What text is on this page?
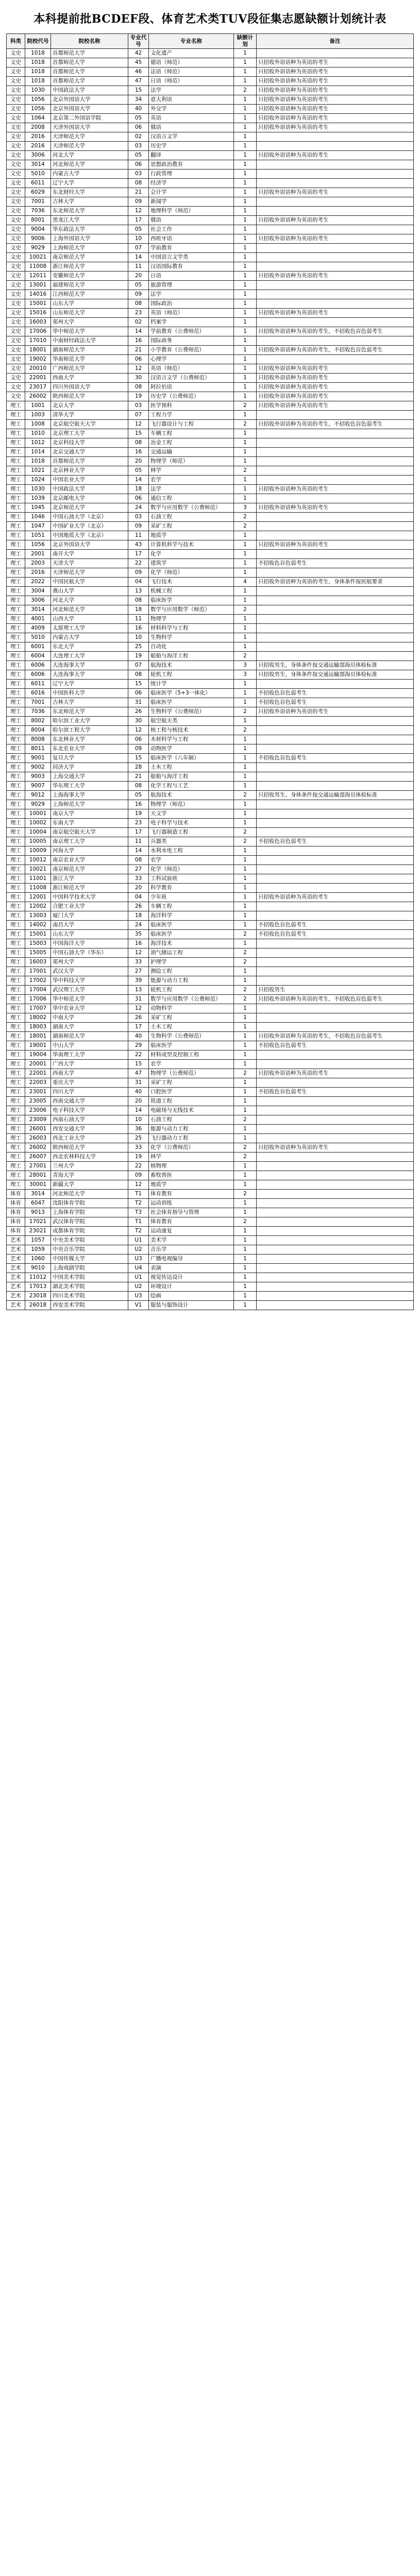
本科提前批BCDEF段、体育艺术类TUV段征集志愿缺额计划统计表
科类	院校代号	院校名称	专业代号	专业名称	缺额计划	备注
文史	1018	首都师范大学	42	文化遗产	1	
文史	1018	首都师范大学	45	德语（师范）	1	只招收外语语种为英语的考生
文史	1018	首都师范大学	46	法语（师范）	1	只招收外语语种为英语的考生
文史	1018	首都师范大学	47	日语（师范）	1	只招收外语语种为英语的考生
文史	1030	中国政法大学	15	法学	2	只招收外语语种为英语的考生
文史	1056	北京外国语大学	34	意大利语	1	只招收外语语种为英语的考生
文史	1056	北京外国语大学	40	外交学	1	只招收外语语种为英语的考生
文史	1064	北京第二外国语学院	05	英语	1	只招收外语语种为英语的考生
文史	2008	天津外国语大学	06	俄语	1	只招收外语语种为英语的考生
文史	2016	天津师范大学	02	汉语言文学	1	
文史	2016	天津师范大学	03	历史学	1	
文史	3006	河北大学	05	翻译	1	只招收外语语种为英语的考生
文史	3014	河北师范大学	06	思想政治教育	1	
文史	5010	内蒙古大学	03	行政管理	1	
文史	6011	辽宁大学	08	经济学	1	
文史	6029	东北财经大学	21	会计学	1	只招收外语语种为英语的考生
文史	7001	吉林大学	09	新闻学	1	
文史	7036	东北师范大学	12	地理科学（师范）	1	
文史	8001	黑龙江大学	17	俄语	1	只招收外语语种为英语的考生
文史	9004	华东政法大学	05	社会工作	1	
文史	9006	上海外国语大学	10	西班牙语	1	只招收外语语种为英语的考生
文史	9029	上海师范大学	07	学前教育	1	
文史	10021	南京师范大学	14	中国语言文学类	1	
文史	11008	浙江师范大学	11	汉语国际教育	1	
文史	12011	安徽师范大学	20	日语	1	只招收外语语种为英语的考生
文史	13001	福建师范大学	05	旅游管理	1	
文史	14016	江西师范大学	09	法学	1	
文史	15001	山东大学	08	国际政治	1	
文史	15016	山东师范大学	23	英语（师范）	1	只招收外语语种为英语的考生
文史	16003	郑州大学	02	档案学	1	
文史	17006	华中师范大学	14	学前教育（公费师范）	1	只招收外语语种为英语的考生，不招收色盲色弱考生
文史	17010	中南财经政法大学	16	国际商务	1	
文史	18001	湖南师范大学	21	小学教育（公费师范）	1	只招收外语语种为英语的考生，不招收色盲色弱考生
文史	19002	华南师范大学	06	心理学	1	
文史	20010	广西师范大学	12	英语（师范）	1	只招收外语语种为英语的考生
文史	22001	西南大学	30	汉语言文学（公费师范）	1	只招收外语语种为英语的考生
文史	23017	四川外国语大学	08	阿拉伯语	1	只招收外语语种为英语的考生
文史	26002	陕西师范大学	19	历史学（公费师范）	1	只招收外语语种为英语的考生
理工	1001	北京大学	03	医学预科	2	只招收外语语种为英语的考生
理工	1003	清华大学	07	工程力学	1	
理工	1008	北京航空航天大学	12	飞行器设计与工程	2	只招收外语语种为英语的考生，不招收色盲色弱考生
理工	1010	北京理工大学	15	车辆工程	1	
理工	1012	北京科技大学	08	冶金工程	1	
理工	1014	北京交通大学	16	交通运输	1	
理工	1018	首都师范大学	20	物理学（师范）	1	
理工	1021	北京林业大学	05	林学	2	
理工	1024	中国农业大学	14	农学	1	
理工	1030	中国政法大学	18	法学	1	只招收外语语种为英语的考生
理工	1039	北京邮电大学	06	通信工程	1	
理工	1045	北京师范大学	24	数学与应用数学（公费师范）	3	只招收外语语种为英语的考生
理工	1046	中国石油大学（北京）	03	石油工程	2	
理工	1047	中国矿业大学（北京）	09	采矿工程	2	
理工	1051	中国地质大学（北京）	11	地质学	1	
理工	1056	北京外国语大学	43	计算机科学与技术	1	只招收外语语种为英语的考生
理工	2001	南开大学	17	化学	1	
理工	2003	天津大学	22	建筑学	1	不招收色盲色弱考生
理工	2016	天津师范大学	09	化学（师范）	1	
理工	2022	中国民航大学	04	飞行技术	4	只招收外语语种为英语的考生，身体条件按民航要求
理工	3004	燕山大学	13	机械工程	1	
理工	3006	河北大学	08	临床医学	1	
理工	3014	河北师范大学	18	数学与应用数学（师范）	2	
理工	4001	山西大学	11	物理学	1	
理工	4009	太原理工大学	16	材料科学与工程	1	
理工	5010	内蒙古大学	10	生物科学	1	
理工	6001	东北大学	25	自动化	1	
理工	6004	大连理工大学	19	船舶与海洋工程	2	
理工	6006	大连海事大学	07	航海技术	3	只招收男生，身体条件按交通运输部海员体检标准
理工	6006	大连海事大学	08	轮机工程	3	只招收男生，身体条件按交通运输部海员体检标准
理工	6011	辽宁大学	15	统计学	1	
理工	6016	中国医科大学	06	临床医学（5+3一体化）	1	不招收色盲色弱考生
理工	7001	吉林大学	31	临床医学	1	不招收色盲色弱考生
理工	7036	东北师范大学	26	生物科学（公费师范）	2	只招收外语语种为英语的考生
理工	8002	哈尔滨工业大学	30	航空航天类	1	
理工	8004	哈尔滨工程大学	12	核工程与核技术	2	
理工	8008	东北林业大学	06	木材科学与工程	1	
理工	8011	东北农业大学	09	动物医学	1	
理工	9001	复旦大学	15	临床医学（八年制）	1	不招收色盲色弱考生
理工	9002	同济大学	28	土木工程	1	
理工	9003	上海交通大学	21	船舶与海洋工程	1	
理工	9007	华东理工大学	08	化学工程与工艺	1	
理工	9012	上海海事大学	05	航海技术	2	只招收男生，身体条件按交通运输部海员体检标准
理工	9029	上海师范大学	16	物理学（师范）	1	
理工	10001	南京大学	19	天文学	1	
理工	10002	东南大学	23	电子科学与技术	1	
理工	10004	南京航空航天大学	17	飞行器制造工程	2	
理工	10005	南京理工大学	11	兵器类	2	不招收色盲色弱考生
理工	10009	河海大学	14	水利水电工程	1	
理工	10012	南京农业大学	08	农学	1	
理工	10021	南京师范大学	27	化学（师范）	1	
理工	11001	浙江大学	33	工科试验班	1	
理工	11008	浙江师范大学	20	科学教育	1	
理工	12001	中国科学技术大学	04	少年班	1	只招收外语语种为英语的考生
理工	12002	合肥工业大学	26	车辆工程	1	
理工	13003	厦门大学	18	海洋科学	1	
理工	14002	南昌大学	24	临床医学	1	不招收色盲色弱考生
理工	15001	山东大学	35	临床医学	2	不招收色盲色弱考生
理工	15003	中国海洋大学	16	海洋技术	1	
理工	15005	中国石油大学（华东）	12	油气储运工程	2	
理工	16003	郑州大学	33	护理学	2	
理工	17001	武汉大学	27	测绘工程	1	
理工	17002	华中科技大学	39	能源与动力工程	1	
理工	17004	武汉理工大学	13	轮机工程	2	只招收男生
理工	17006	华中师范大学	31	数学与应用数学（公费师范）	2	只招收外语语种为英语的考生，不招收色盲色弱考生
理工	17007	华中农业大学	12	动物科学	1	
理工	18002	中南大学	26	采矿工程	1	
理工	18003	湖南大学	17	土木工程	1	
理工	18001	湖南师范大学	40	生物科学（公费师范）	1	只招收外语语种为英语的考生，不招收色盲色弱考生
理工	19001	中山大学	29	临床医学	1	不招收色盲色弱考生
理工	19004	华南理工大学	22	材料成型及控制工程	1	
理工	20001	广西大学	15	农学	1	
理工	22001	西南大学	47	物理学（公费师范）	2	只招收外语语种为英语的考生
理工	22003	重庆大学	31	采矿工程	1	
理工	23001	四川大学	40	口腔医学	1	不招收色盲色弱考生
理工	23005	西南交通大学	20	铁道工程	1	
理工	23006	电子科技大学	14	电磁场与无线技术	1	
理工	23009	西南石油大学	10	石油工程	2	
理工	26001	西安交通大学	36	能源与动力工程	1	
理工	26003	西北工业大学	25	飞行器动力工程	1	
理工	26002	陕西师范大学	33	化学（公费师范）	2	只招收外语语种为英语的考生
理工	26007	西北农林科技大学	19	林学	2	
理工	27001	兰州大学	22	核物理	1	
理工	28001	青海大学	09	畜牧兽医	1	
理工	30001	新疆大学	12	地质学	1	
体育	3014	河北师范大学	T1	体育教育	2	
体育	6047	沈阳体育学院	T2	运动训练	1	
体育	9013	上海体育学院	T3	社会体育指导与管理	1	
体育	17021	武汉体育学院	T1	体育教育	2	
体育	23021	成都体育学院	T2	运动康复	1	
艺术	1057	中央美术学院	U1	美术学	1	
艺术	1059	中央音乐学院	U2	音乐学	1	
艺术	1060	中国传媒大学	U3	广播电视编导	1	
艺术	9010	上海戏剧学院	U4	表演	1	
艺术	11012	中国美术学院	U1	视觉传达设计	1	
艺术	17013	湖北美术学院	U2	环境设计	1	
艺术	23018	四川美术学院	U3	绘画	1	
艺术	26018	西安美术学院	V1	服装与服饰设计	1	
